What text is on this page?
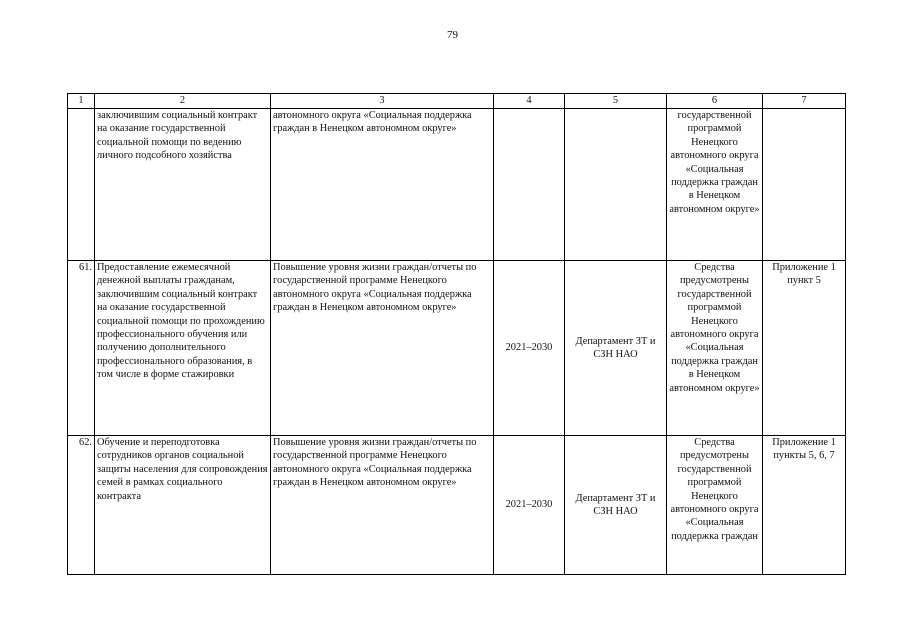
79
1	2	3	4	5	6	7
	заключившим социальный контракт на оказание государственной социальной помощи по ведению личного подсобного хозяйства	автономного округа «Социальная поддержка граждан в Ненецком автономном округе»			государственной программой Ненецкого автономного округа «Социальная поддержка граждан в Ненецком автономном округе»	
61.	Предоставление ежемесячной денежной выплаты гражданам, заключившим социальный контракт на оказание государственной социальной помощи по прохождению профессионального обучения или получению дополнительного профессионального образования, в том числе в форме стажировки	Повышение уровня жизни граждан/отчеты по государственной программе Ненецкого автономного округа «Социальная поддержка граждан в Ненецком автономном округе»	2021–2030	Департамент ЗТ и СЗН НАО	Средства предусмотрены государственной программой Ненецкого автономного округа «Социальная поддержка граждан в Ненецком автономном округе»	Приложение 1 пункт 5
62.	Обучение и переподготовка сотрудников органов социальной защиты населения для сопровождения семей в рамках социального контракта	Повышение уровня жизни граждан/отчеты по государственной программе Ненецкого автономного округа «Социальная поддержка граждан в Ненецком автономном округе»	2021–2030	Департамент ЗТ и СЗН НАО	Средства предусмотрены государственной программой Ненецкого автономного округа «Социальная поддержка граждан	Приложение 1 пункты 5, 6, 7
